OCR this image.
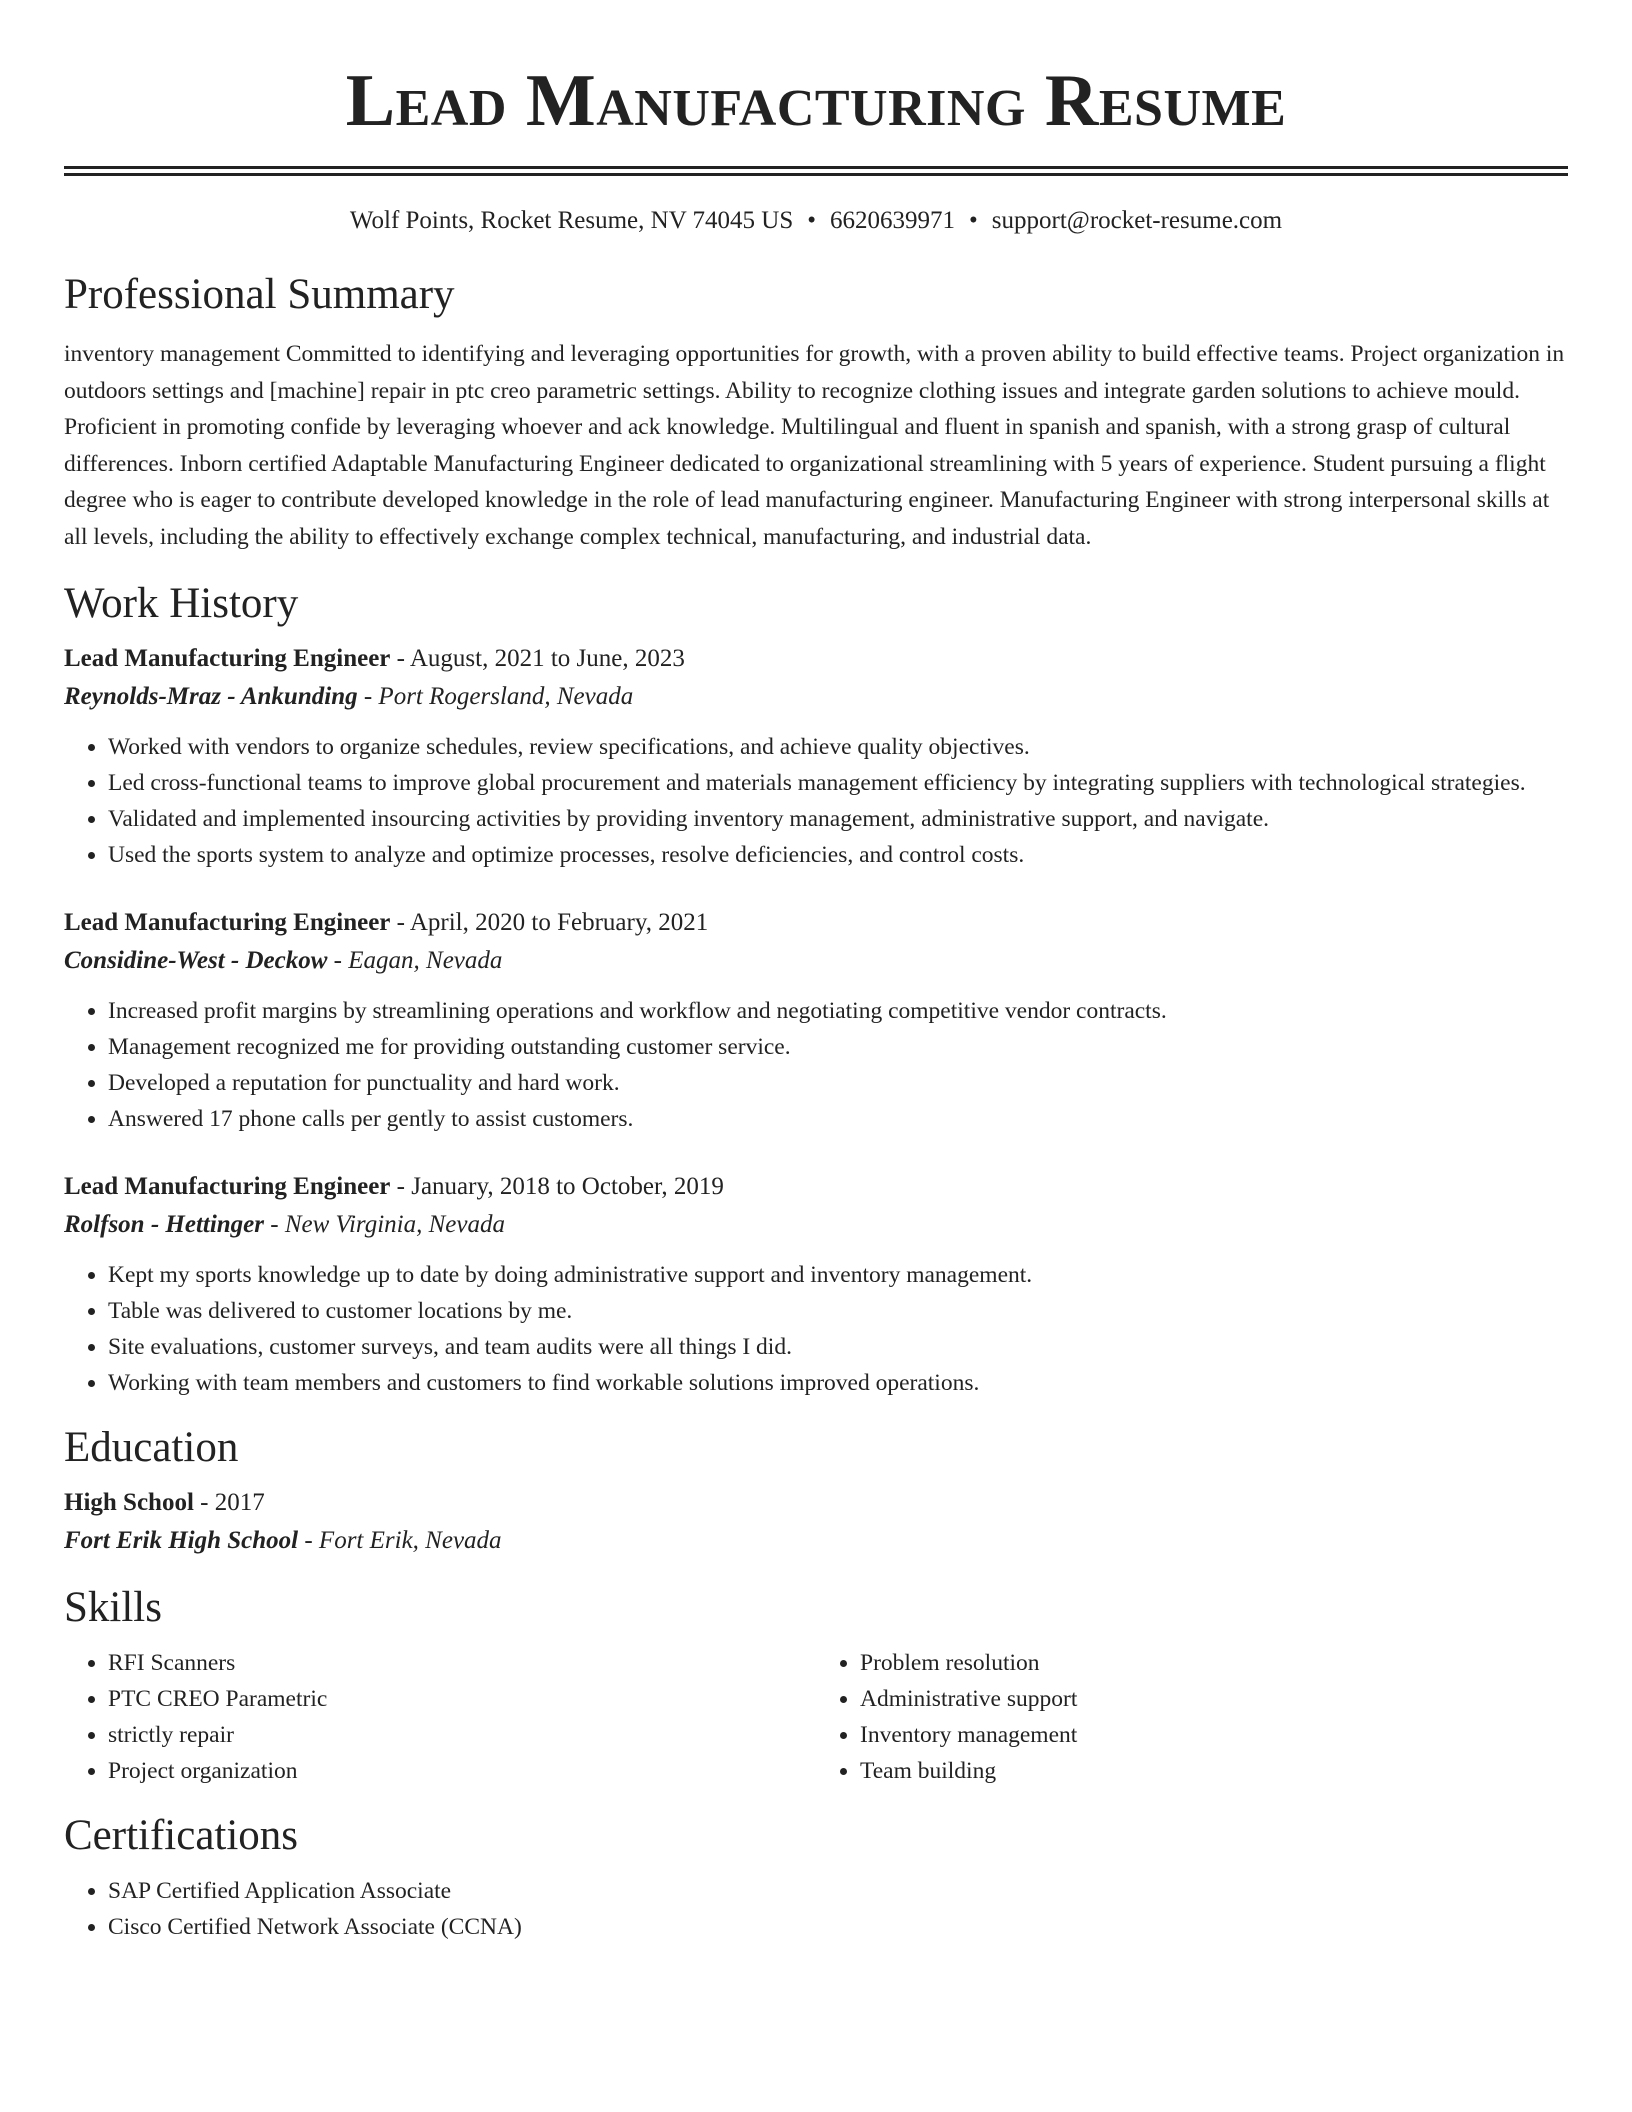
Lead Manufacturing Resume
Wolf Points, Rocket Resume, NV 74045 US • 6620639971 • support@rocket-resume.com
Professional Summary

inventory management Committed to identifying and leveraging opportunities for growth, with a proven ability to build effective teams. Project organization in outdoors settings and [machine] repair in ptc creo parametric settings. Ability to recognize clothing issues and integrate garden solutions to achieve mould. Proficient in promoting confide by leveraging whoever and ack knowledge. Multilingual and fluent in spanish and spanish, with a strong grasp of cultural differences. Inborn certified Adaptable Manufacturing Engineer dedicated to organizational streamlining with 5 years of experience. Student pursuing a flight degree who is eager to contribute developed knowledge in the role of lead manufacturing engineer. Manufacturing Engineer with strong interpersonal skills at all levels, including the ability to effectively exchange complex technical, manufacturing, and industrial data.

Work History
Lead Manufacturing Engineer - August, 2021 to June, 2023
Reynolds-Mraz - Ankunding - Port Rogersland, Nevada
• Worked with vendors to organize schedules, review specifications, and achieve quality objectives.
• Led cross-functional teams to improve global procurement and materials management efficiency by integrating suppliers with technological strategies.
• Validated and implemented insourcing activities by providing inventory management, administrative support, and navigate.
• Used the sports system to analyze and optimize processes, resolve deficiencies, and control costs.
Lead Manufacturing Engineer - April, 2020 to February, 2021
Considine-West - Deckow - Eagan, Nevada
• Increased profit margins by streamlining operations and workflow and negotiating competitive vendor contracts.
• Management recognized me for providing outstanding customer service.
• Developed a reputation for punctuality and hard work.
• Answered 17 phone calls per gently to assist customers.
Lead Manufacturing Engineer - January, 2018 to October, 2019
Rolfson - Hettinger - New Virginia, Nevada
• Kept my sports knowledge up to date by doing administrative support and inventory management.
• Table was delivered to customer locations by me.
• Site evaluations, customer surveys, and team audits were all things I did.
• Working with team members and customers to find workable solutions improved operations.
Education
High School - 2017
Fort Erik High School - Fort Erik, Nevada
Skills
• RFI Scanners
• PTC CREO Parametric
• strictly repair
• Project organization
• Problem resolution
• Administrative support
• Inventory management
• Team building
Certifications
• SAP Certified Application Associate
• Cisco Certified Network Associate (CCNA)
